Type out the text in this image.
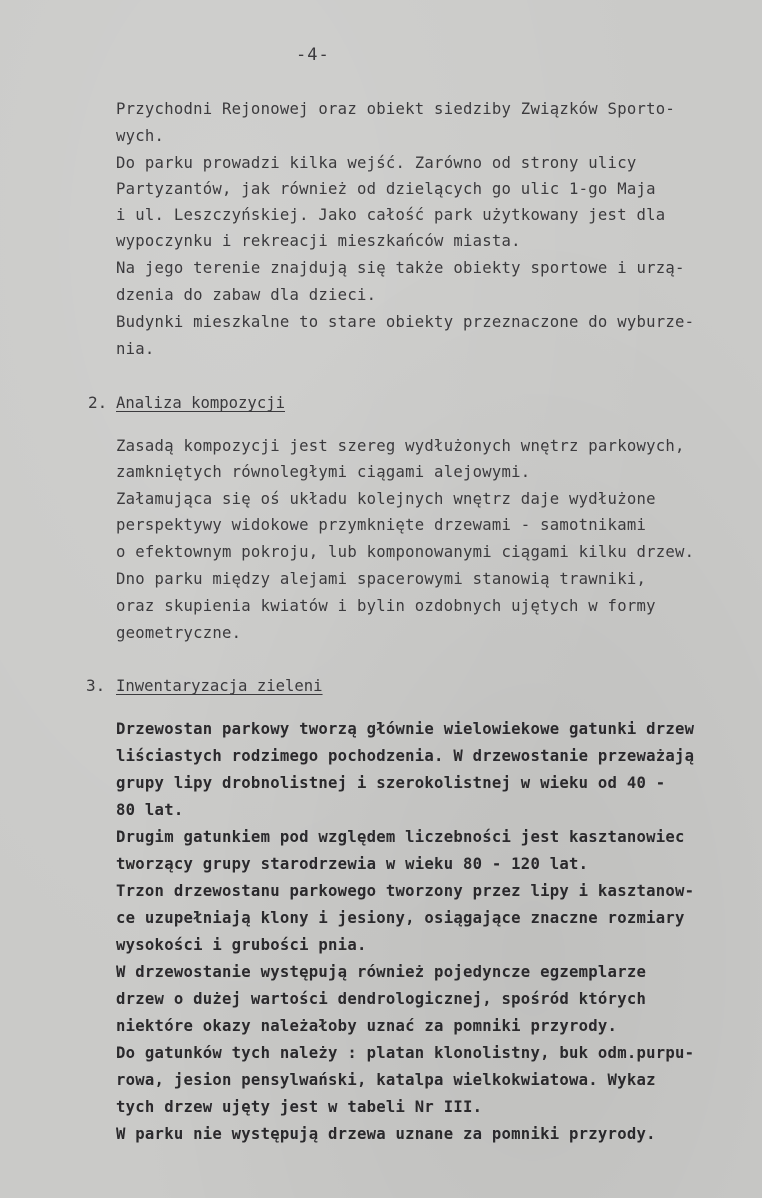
-4-
Przychodni Rejonowej oraz obiekt siedziby Związków Sporto-
wych.
Do parku prowadzi kilka wejść. Zarówno od strony ulicy
Partyzantów, jak również od dzielących go ulic 1-go Maja
i ul. Leszczyńskiej. Jako całość park użytkowany jest dla
wypoczynku i rekreacji mieszkańców miasta.
Na jego terenie znajdują się także obiekty sportowe i urzą-
dzenia do zabaw dla dzieci.
Budynki mieszkalne to stare obiekty przeznaczone do wyburze-
nia.
2. Analiza kompozycji
Zasadą kompozycji jest szereg wydłużonych wnętrz parkowych,
zamkniętych równoległymi ciągami alejowymi.
Załamująca się oś układu kolejnych wnętrz daje wydłużone
perspektywy widokowe przymknięte drzewami - samotnikami
o efektownym pokroju, lub komponowanymi ciągami kilku drzew.
Dno parku między alejami spacerowymi stanowią trawniki,
oraz skupienia kwiatów i bylin ozdobnych ujętych w formy
geometryczne.
3. Inwentaryzacja zieleni
Drzewostan parkowy tworzą głównie wielowiekowe gatunki drzew
liściastych rodzimego pochodzenia. W drzewostanie przeważają
grupy lipy drobnolistnej i szerokolistnej w wieku od 40 -
80 lat.
Drugim gatunkiem pod względem liczebności jest kasztanowiec
tworzący grupy starodrzewia w wieku 80 - 120 lat.
Trzon drzewostanu parkowego tworzony przez lipy i kasztanow-
ce uzupełniają klony i jesiony, osiągające znaczne rozmiary
wysokości i grubości pnia.
W drzewostanie występują również pojedyncze egzemplarze
drzew o dużej wartości dendrologicznej, spośród których
niektóre okazy należałoby uznać za pomniki przyrody.
Do gatunków tych należy : platan klonolistny, buk odm.purpu-
rowa, jesion pensylwański, katalpa wielkokwiatowa. Wykaz
tych drzew ujęty jest w tabeli Nr III.
W parku nie występują drzewa uznane za pomniki przyrody.
